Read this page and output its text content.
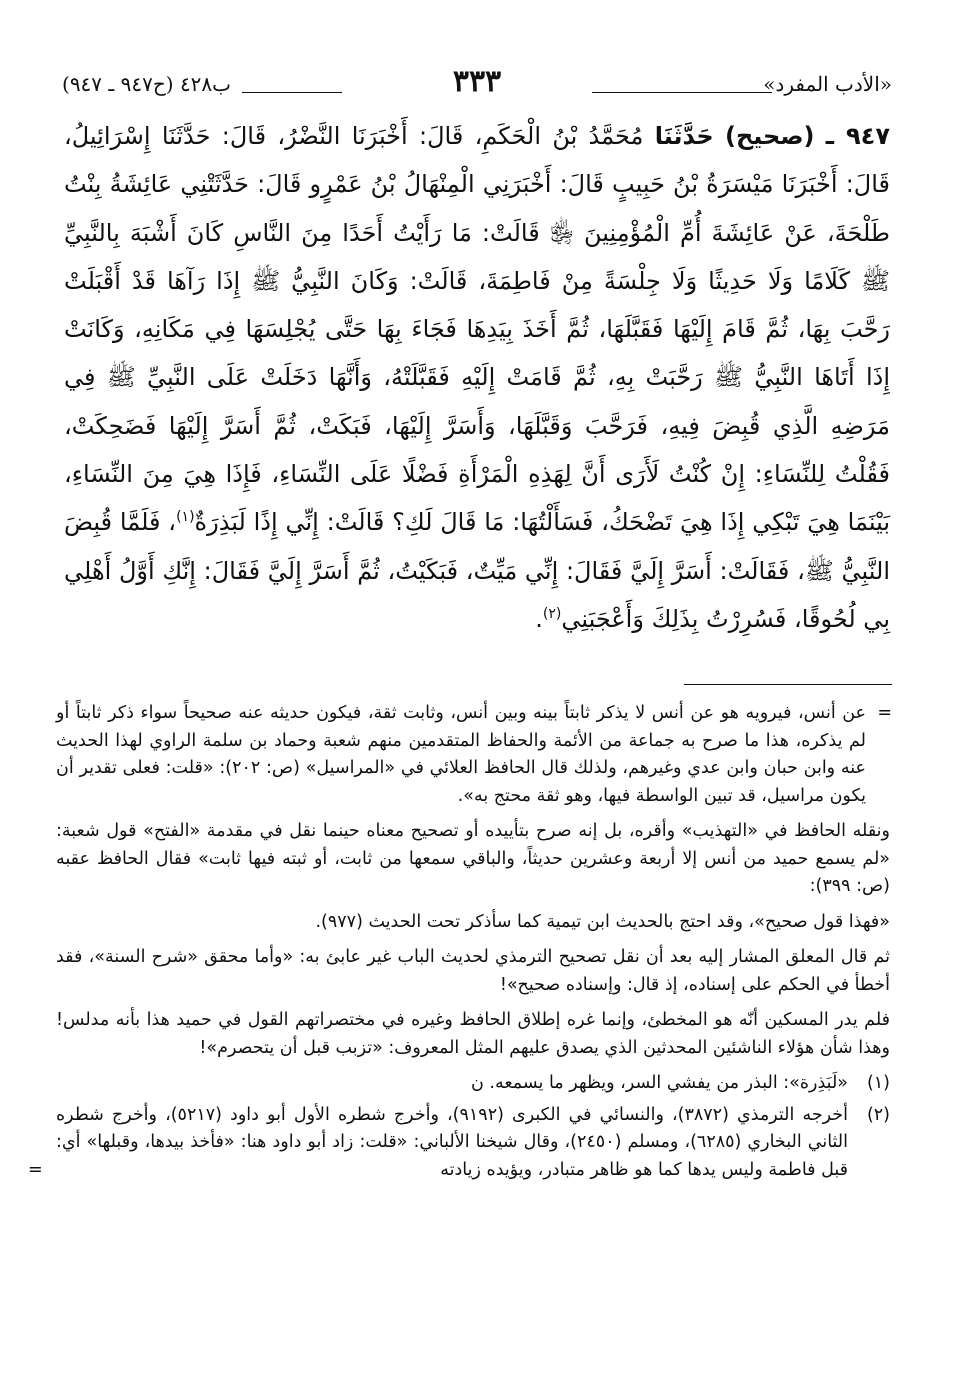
«الأدب المفرد»
٣٣٣
ب٤٢٨ (ح٩٤٧ ـ ٩٤٧)
٩٤٧ ـ (صحيح) حَدَّثَنَا مُحَمَّدُ بْنُ الْحَكَمِ، قَالَ: أَخْبَرَنَا النَّضْرُ، قَالَ: حَدَّثَنَا إِسْرَائِيلُ، قَالَ: أَخْبَرَنَا مَيْسَرَةُ بْنُ حَبِيبٍ قَالَ: أَخْبَرَنِي الْمِنْهَالُ بْنُ عَمْرٍو قَالَ: حَدَّثَتْنِي عَائِشَةُ بِنْتُ طَلْحَةَ، عَنْ عَائِشَةَ أُمِّ الْمُؤْمِنِينَ ﵂ قَالَتْ: مَا رَأَيْتُ أَحَدًا مِنَ النَّاسِ كَانَ أَشْبَهَ بِالنَّبِيِّ ﷺ كَلَامًا وَلَا حَدِيثًا وَلَا جِلْسَةً مِنْ فَاطِمَةَ، قَالَتْ: وَكَانَ النَّبِيُّ ﷺ إِذَا رَآهَا قَدْ أَقْبَلَتْ رَحَّبَ بِهَا، ثُمَّ قَامَ إِلَيْهَا فَقَبَّلَهَا، ثُمَّ أَخَذَ بِيَدِهَا فَجَاءَ بِهَا حَتَّى يُجْلِسَهَا فِي مَكَانِهِ، وَكَانَتْ إِذَا أَتَاهَا النَّبِيُّ ﷺ رَحَّبَتْ بِهِ، ثُمَّ قَامَتْ إِلَيْهِ فَقَبَّلَتْهُ، وَأَنَّهَا دَخَلَتْ عَلَى النَّبِيِّ ﷺ فِي مَرَضِهِ الَّذِي قُبِضَ فِيهِ، فَرَحَّبَ وَقَبَّلَهَا، وَأَسَرَّ إِلَيْهَا، فَبَكَتْ، ثُمَّ أَسَرَّ إِلَيْهَا فَضَحِكَتْ، فَقُلْتُ لِلنِّسَاءِ: إِنْ كُنْتُ لَأَرَى أَنَّ لِهَذِهِ الْمَرْأَةِ فَضْلًا عَلَى النِّسَاءِ، فَإِذَا هِيَ مِنَ النِّسَاءِ، بَيْنَمَا هِيَ تَبْكِي إِذَا هِيَ تَضْحَكُ، فَسَأَلْتُهَا: مَا قَالَ لَكِ؟ قَالَتْ: إِنِّي إِذًا لَبَذِرَةٌ$^{(١)}$، فَلَمَّا قُبِضَ النَّبِيُّ ﷺ، فَقَالَتْ: أَسَرَّ إِلَيَّ فَقَالَ: إِنِّي مَيِّتٌ، فَبَكَيْتُ، ثُمَّ أَسَرَّ إِلَيَّ فَقَالَ: إِنَّكِ أَوَّلُ أَهْلِي بِي لُحُوقًا، فَسُرِرْتُ بِذَلِكَ وَأَعْجَبَنِي$^{(٢)}$.

=
عن أنس، فيرويه هو عن أنس لا يذكر ثابتاً بينه وبين أنس، وثابت ثقة، فيكون حديثه عنه صحيحاً سواء ذكر ثابتاً أو لم يذكره، هذا ما صرح به جماعة من الأئمة والحفاظ المتقدمين منهم شعبة وحماد بن سلمة الراوي لهذا الحديث عنه وابن حبان وابن عدي وغيرهم، ولذلك قال الحافظ العلائي في «المراسيل» (ص: ٢٠٢): «قلت: فعلى تقدير أن يكون مراسيل، قد تبين الواسطة فيها، وهو ثقة محتج به».

ونقله الحافظ في «التهذيب» وأقره، بل إنه صرح بتأييده أو تصحيح معناه حينما نقل في مقدمة «الفتح» قول شعبة: «لم يسمع حميد من أنس إلا أربعة وعشرين حديثاً، والباقي سمعها من ثابت، أو ثبته فيها ثابت» فقال الحافظ عقبه (ص: ٣٩٩):

«فهذا قول صحيح»، وقد احتج بالحديث ابن تيمية كما سأذكر تحت الحديث (٩٧٧).

ثم قال المعلق المشار إليه بعد أن نقل تصحيح الترمذي لحديث الباب غير عابئ به: «وأما محقق «شرح السنة»، فقد أخطأ في الحكم على إسناده، إذ قال: وإسناده صحيح»!

فلم يدر المسكين أنّه هو المخطئ، وإنما غره إطلاق الحافظ وغيره في مختصراتهم القول في حميد هذا بأنه مدلس! وهذا شأن هؤلاء الناشئين المحدثين الذي يصدق عليهم المثل المعروف: «تزبب قبل أن يتحصرم»!

(١)
«لَبَذِرة»: البذر من يفشي السر، ويظهر ما يسمعه. ن

(٢)
أخرجه الترمذي (٣٨٧٢)، والنسائي في الكبرى (٩١٩٢)، وأخرج شطره الأول أبو داود (٥٢١٧)، وأخرج شطره الثاني البخاري (٦٢٨٥)، ومسلم (٢٤٥٠)، وقال شيخنا الألباني: «قلت: زاد أبو داود هنا: «فأخذ بيدها، وقبلها» أي: قبل فاطمة وليس يدها كما هو ظاهر متبادر، ويؤيده زيادته
=
